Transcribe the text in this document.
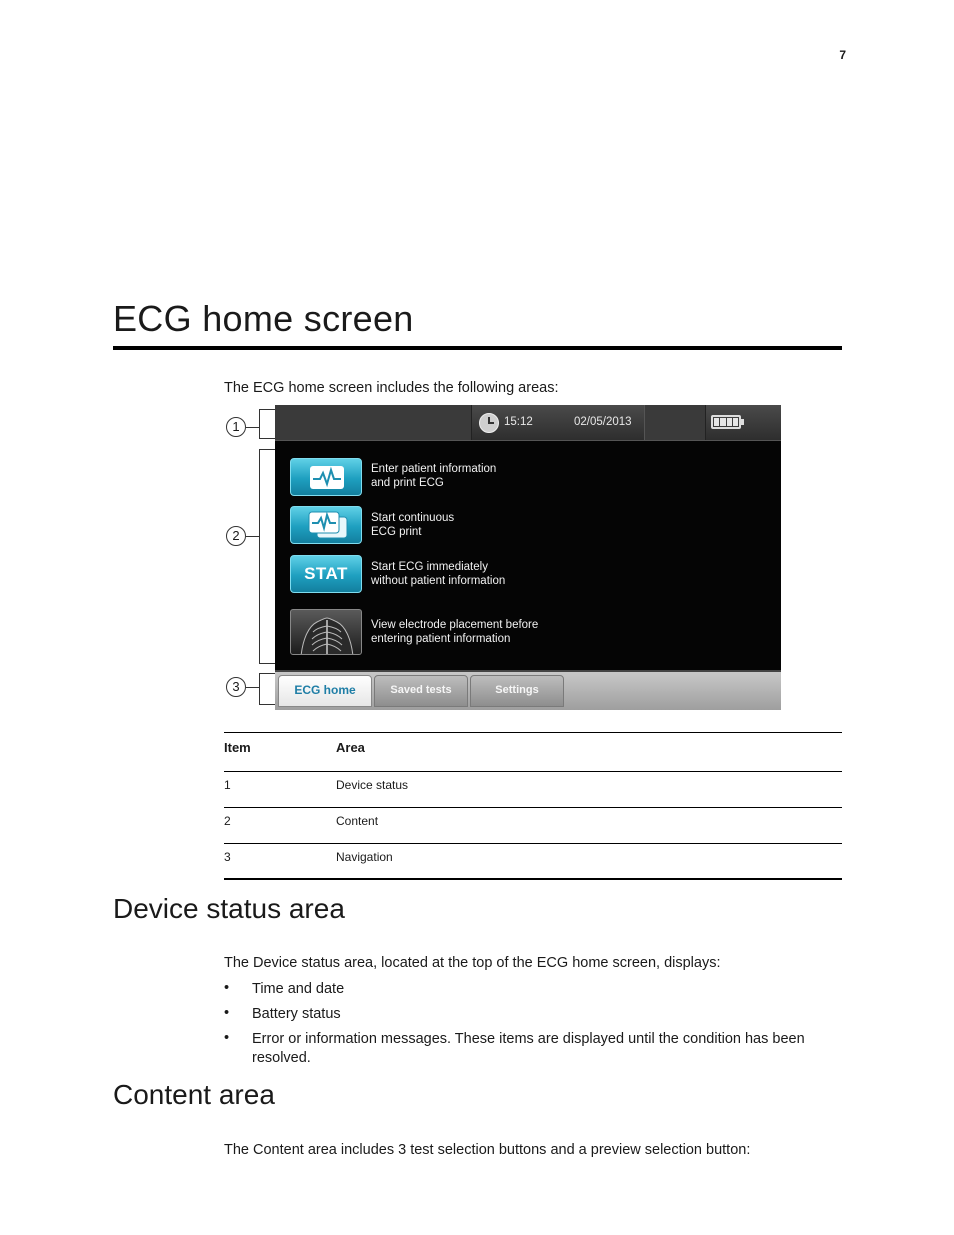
7
ECG home screen
The ECG home screen includes the following areas:
1
2
3
15:12	02/05/2013
Enter patient information
and print ECG
Start continuous
ECG print
STAT	Start ECG immediately
without patient information
View electrode placement before
entering patient information
ECG home	Saved tests	Settings
Item	Area
1	Device status
2	Content
3	Navigation
Device status area
The Device status area, located at the top of the ECG home screen, displays:
• Time and date
• Battery status
• Error or information messages. These items are displayed until the condition has been resolved.
Content area
The Content area includes 3 test selection buttons and a preview selection button:
